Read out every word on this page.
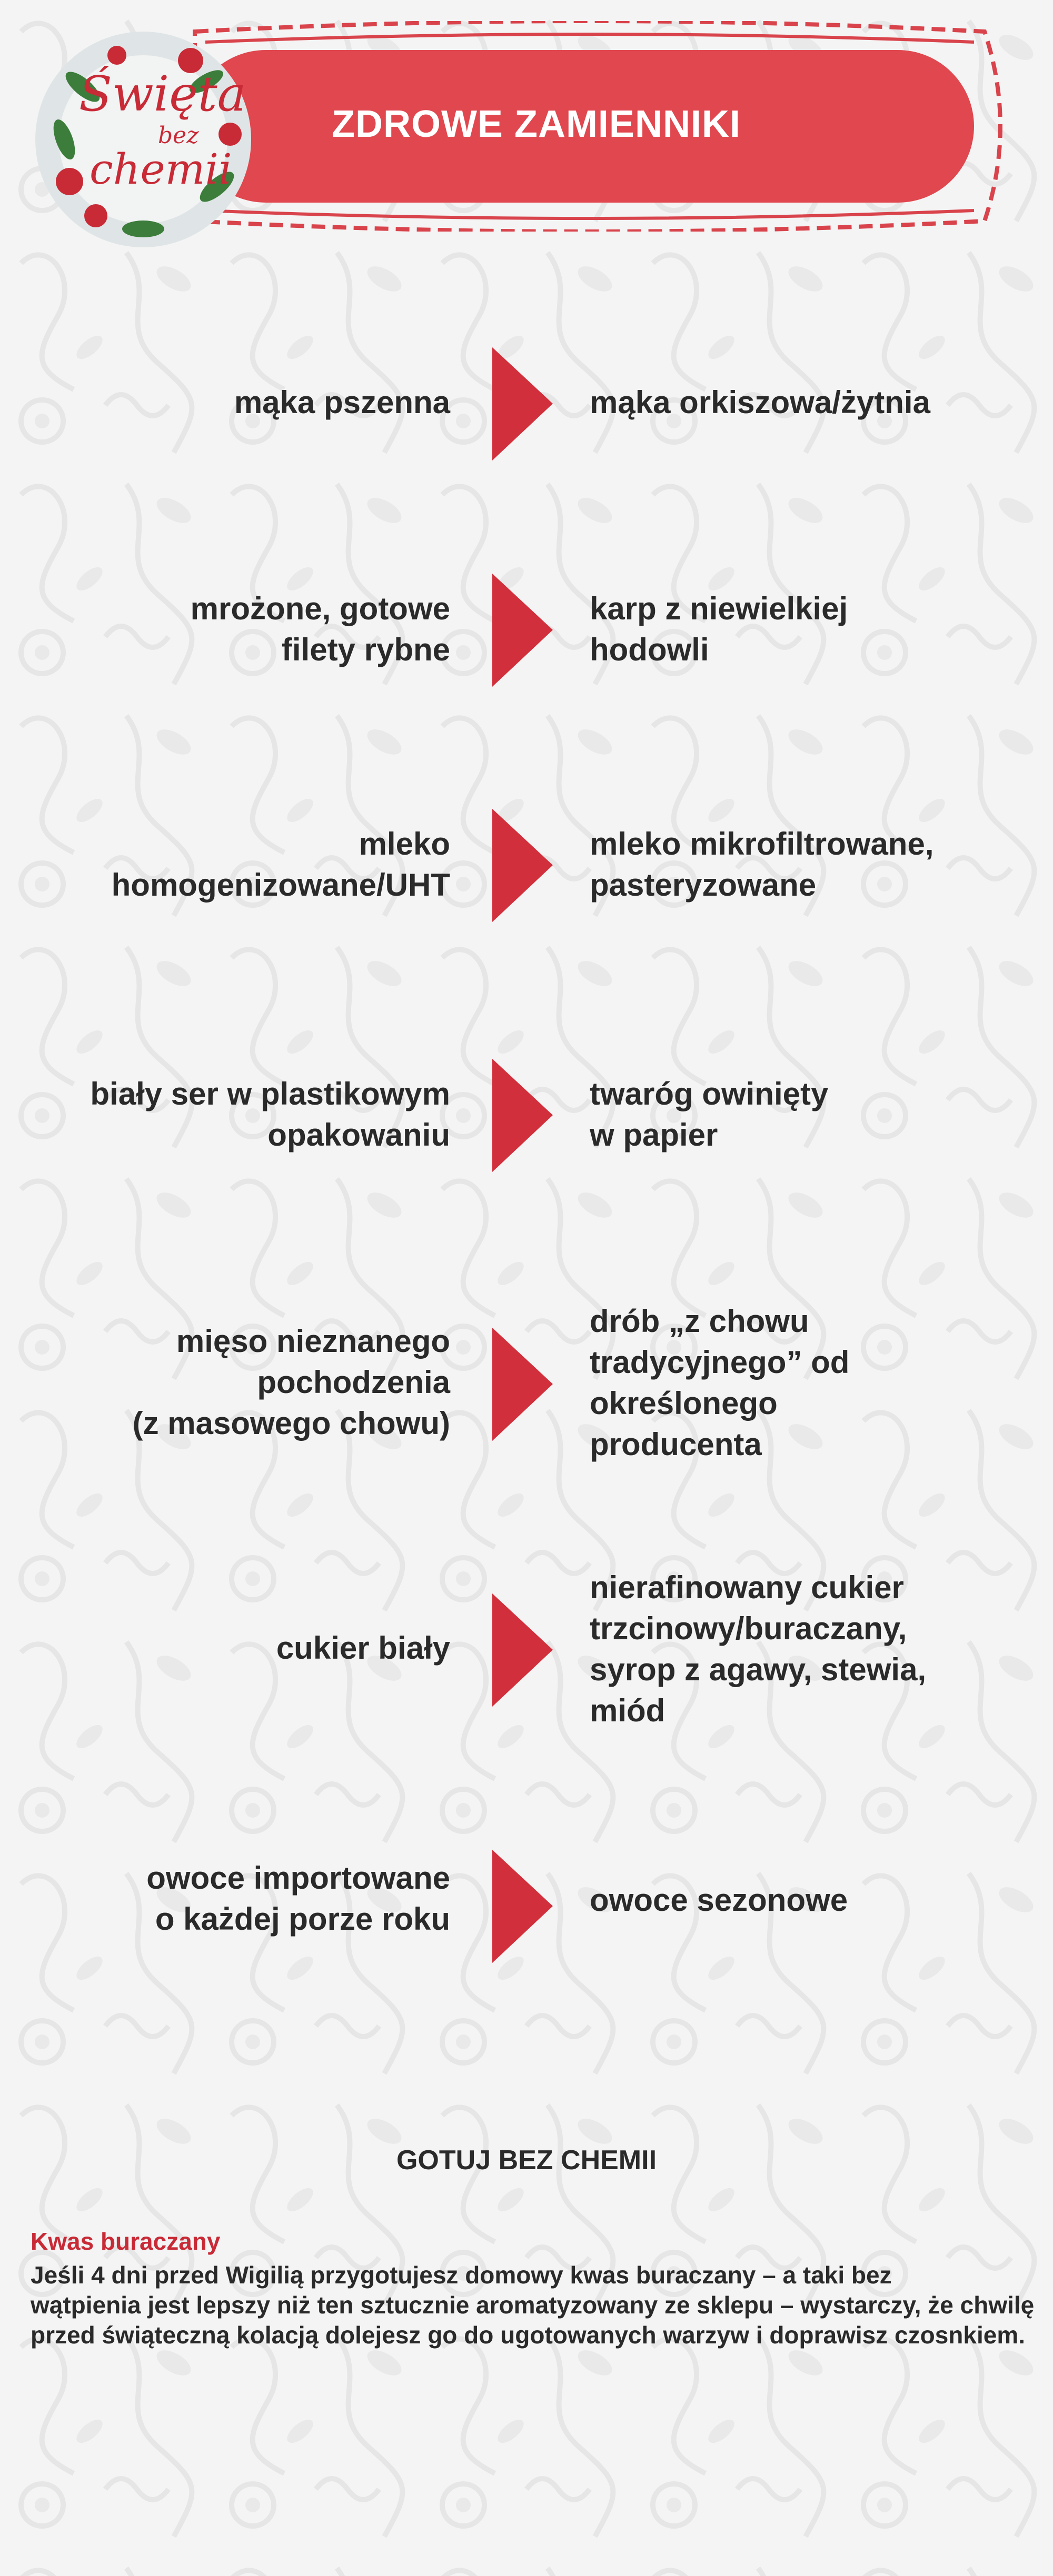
ZDROWE ZAMIENNIKI
Święta
bez
chemii
mąka pszenna	mąka orkiszowa/żytnia
mrożone, gotowe
filety rybne
karp z niewielkiej
hodowli
mleko
homogenizowane/UHT
mleko mikrofiltrowane,
pasteryzowane
biały ser w plastikowym
opakowaniu
twaróg owinięty
w papier
mięso nieznanego
pochodzenia
(z masowego chowu)
drób „z chowu
tradycyjnego” od
określonego
producenta
cukier biały
nierafinowany cukier
trzcinowy/buraczany,
syrop z agawy, stewia,
miód
owoce importowane
o każdej porze roku
owoce sezonowe
GOTUJ BEZ CHEMII
Kwas buraczany
Jeśli 4 dni przed Wigilią przygotujesz domowy kwas buraczany – a taki bez
wątpienia jest lepszy niż ten sztucznie aromatyzowany ze sklepu – wystarczy, że chwilę
przed świąteczną kolacją dolejesz go do ugotowanych warzyw i doprawisz czosnkiem.
